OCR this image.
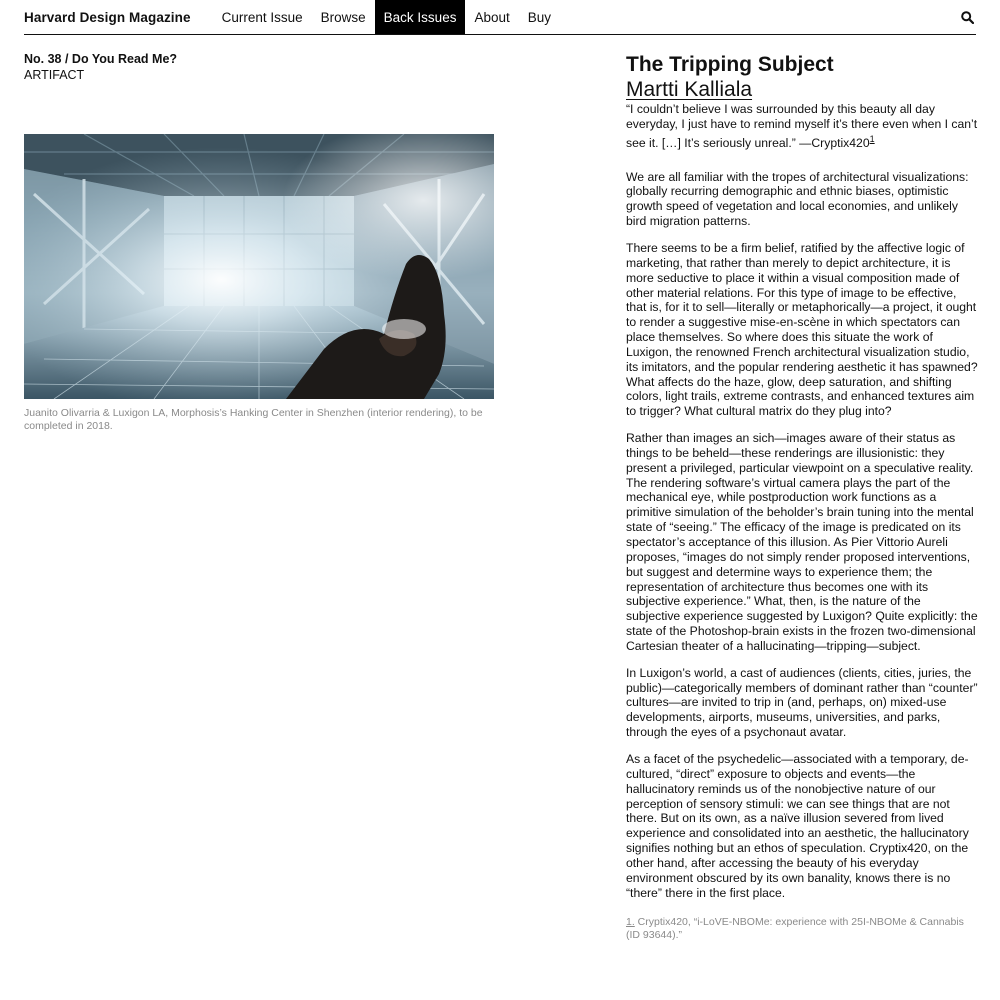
Harvard Design Magazine	Current Issue	Browse	Back Issues	About	Buy
No. 38 / Do You Read Me?
ARTIFACT
Juanito Olivarria & Luxigon LA, Morphosis’s Hanking Center in Shenzhen (interior rendering), to be completed in 2018.
The Tripping Subject
Martti Kalliala

“I couldn’t believe I was surrounded by this beauty all day everyday, I just have to remind myself it’s there even when I can’t see it. […] It’s seriously unreal.” $—Cryptix420^1$

We are all familiar with the tropes of architectural visualizations: globally recurring demographic and ethnic biases, optimistic growth speed of vegetation and local economies, and unlikely bird migration patterns.

There seems to be a firm belief, ratified by the affective logic of marketing, that rather than merely to depict architecture, it is more seductive to place it within a visual composition made of other material relations. For this type of image to be effective, that is, for it to sell—literally or metaphorically—a project, it ought to render a suggestive mise-en-scène in which spectators can place themselves. So where does this situate the work of Luxigon, the renowned French architectural visualization studio, its imitators, and the popular rendering aesthetic it has spawned? What affects do the haze, glow, deep saturation, and shifting colors, light trails, extreme contrasts, and enhanced textures aim to trigger? What cultural matrix do they plug into?

Rather than images an sich—images aware of their status as things to be beheld—these renderings are illusionistic: they present a privileged, particular viewpoint on a speculative reality. The rendering software’s virtual camera plays the part of the mechanical eye, while postproduction work functions as a primitive simulation of the beholder’s brain tuning into the mental state of “seeing.” The efficacy of the image is predicated on its spectator’s acceptance of this illusion. As Pier Vittorio Aureli proposes, “images do not simply render proposed interventions, but suggest and determine ways to experience them; the representation of architecture thus becomes one with its subjective experience.” What, then, is the nature of the subjective experience suggested by Luxigon? Quite explicitly: the state of the Photoshop-brain exists in the frozen two-dimensional Cartesian theater of a hallucinating—tripping—subject.

In Luxigon’s world, a cast of audiences (clients, cities, juries, the public)—categorically members of dominant rather than “counter” cultures—are invited to trip in (and, perhaps, on) mixed-use developments, airports, museums, universities, and parks, through the eyes of a psychonaut avatar.

As a facet of the psychedelic—associated with a temporary, de-cultured, “direct” exposure to objects and events—the hallucinatory reminds us of the nonobjective nature of our perception of sensory stimuli: we can see things that are not there. But on its own, as a naïve illusion severed from lived experience and consolidated into an aesthetic, the hallucinatory signifies nothing but an ethos of speculation. Cryptix420, on the other hand, after accessing the beauty of his everyday environment obscured by its own banality, knows there is no “there” there in the first place.

1. Cryptix420, “i-LoVE-NBOMe: experience with 25I-NBOMe & Cannabis (ID 93644).”
